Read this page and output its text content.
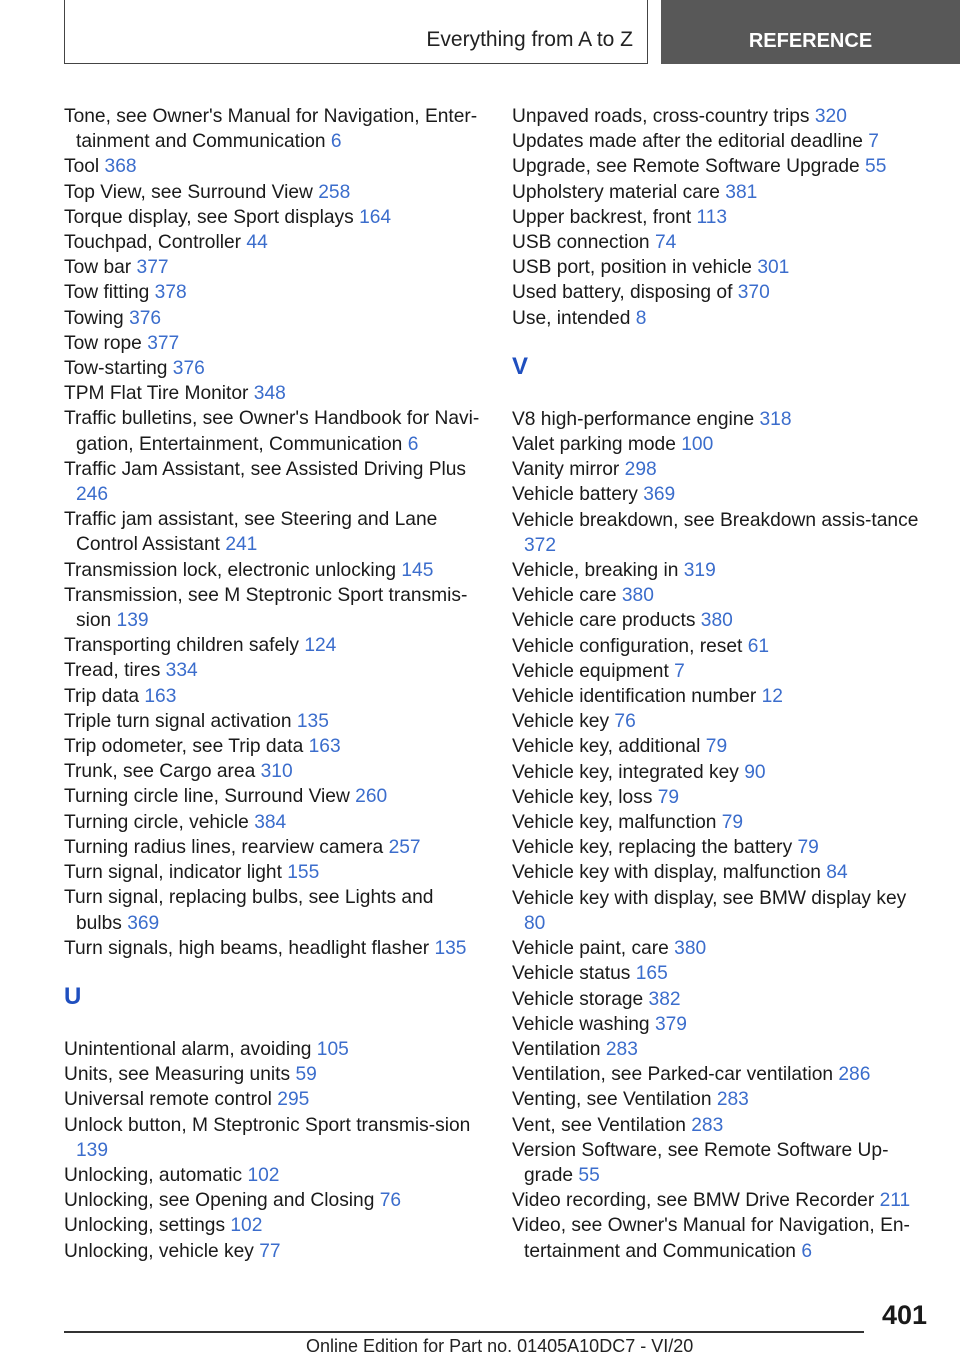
Everything from A to Z	REFERENCE
Tone, see Owner's Manual for Navigation, Enter-tainment and Communication 6
Tool 368
Top View, see Surround View 258
Torque display, see Sport displays 164
Touchpad, Controller 44
Tow bar 377
Tow fitting 378
Towing 376
Tow rope 377
Tow-starting 376
TPM Flat Tire Monitor 348
Traffic bulletins, see Owner's Handbook for Navi-gation, Entertainment, Communication 6
Traffic Jam Assistant, see Assisted Driving Plus 246
Traffic jam assistant, see Steering and Lane Control Assistant 241
Transmission lock, electronic unlocking 145
Transmission, see M Steptronic Sport transmis-sion 139
Transporting children safely 124
Tread, tires 334
Trip data 163
Triple turn signal activation 135
Trip odometer, see Trip data 163
Trunk, see Cargo area 310
Turning circle line, Surround View 260
Turning circle, vehicle 384
Turning radius lines, rearview camera 257
Turn signal, indicator light 155
Turn signal, replacing bulbs, see Lights and bulbs 369
Turn signals, high beams, headlight flasher 135
U
Unintentional alarm, avoiding 105
Units, see Measuring units 59
Universal remote control 295
Unlock button, M Steptronic Sport transmis-sion 139
Unlocking, automatic 102
Unlocking, see Opening and Closing 76
Unlocking, settings 102
Unlocking, vehicle key 77
Unpaved roads, cross-country trips 320
Updates made after the editorial deadline 7
Upgrade, see Remote Software Upgrade 55
Upholstery material care 381
Upper backrest, front 113
USB connection 74
USB port, position in vehicle 301
Used battery, disposing of 370
Use, intended 8
V
V8 high-performance engine 318
Valet parking mode 100
Vanity mirror 298
Vehicle battery 369
Vehicle breakdown, see Breakdown assis-tance 372
Vehicle, breaking in 319
Vehicle care 380
Vehicle care products 380
Vehicle configuration, reset 61
Vehicle equipment 7
Vehicle identification number 12
Vehicle key 76
Vehicle key, additional 79
Vehicle key, integrated key 90
Vehicle key, loss 79
Vehicle key, malfunction 79
Vehicle key, replacing the battery 79
Vehicle key with display, malfunction 84
Vehicle key with display, see BMW display key 80
Vehicle paint, care 380
Vehicle status 165
Vehicle storage 382
Vehicle washing 379
Ventilation 283
Ventilation, see Parked-car ventilation 286
Venting, see Ventilation 283
Vent, see Ventilation 283
Version Software, see Remote Software Up-grade 55
Video recording, see BMW Drive Recorder 211
Video, see Owner's Manual for Navigation, En-tertainment and Communication 6
401
Online Edition for Part no. 01405A10DC7 - VI/20
